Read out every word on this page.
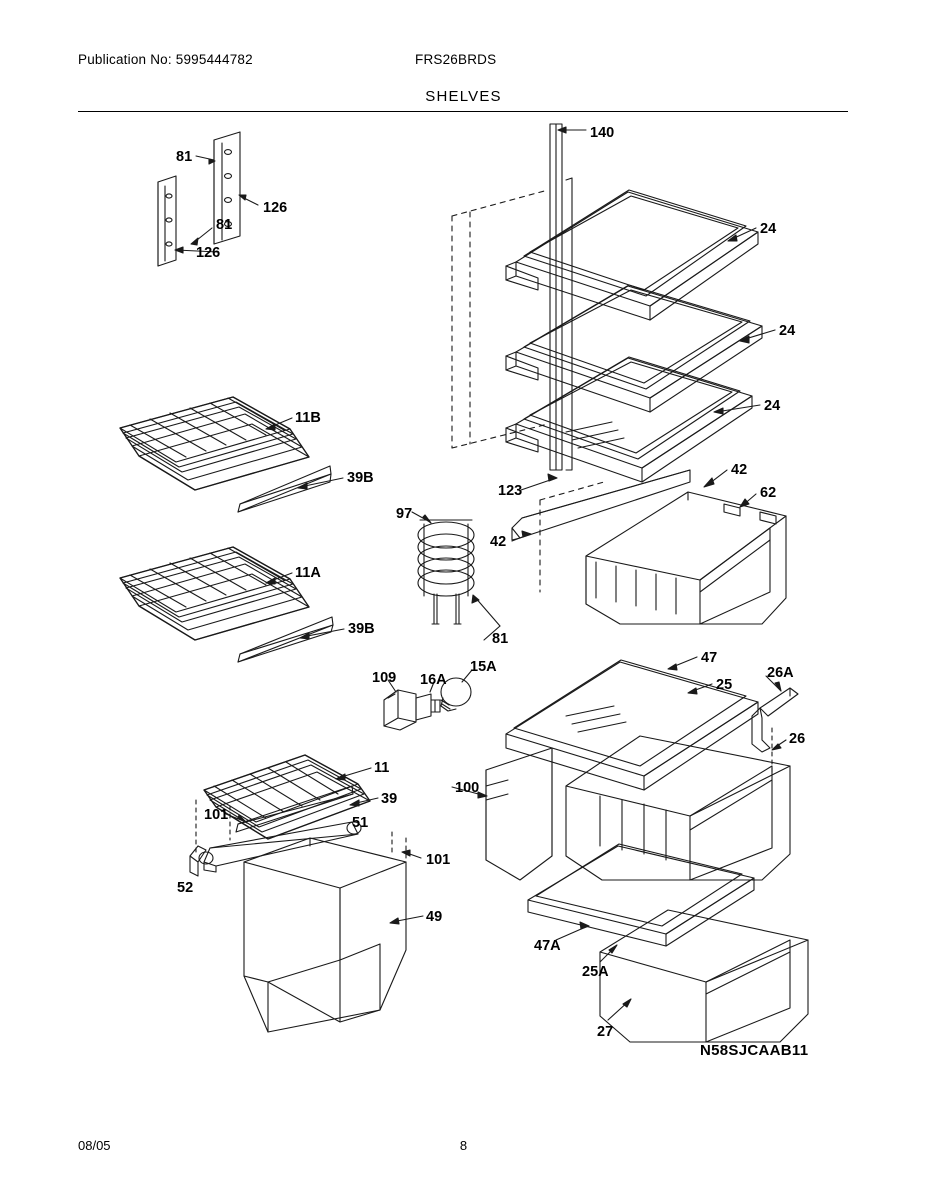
Publication No: 5995444782	FRS26BRDS
SHELVES
140
81
126
81
126
24
24
24
11B
42
39B
123	62
97
42
11A
39B
81
47
15A	26A
109 16A	25
26
11
100
39
101	51
101
52
49
47A
25A
27
N58SJCAAB11
08/05	8
